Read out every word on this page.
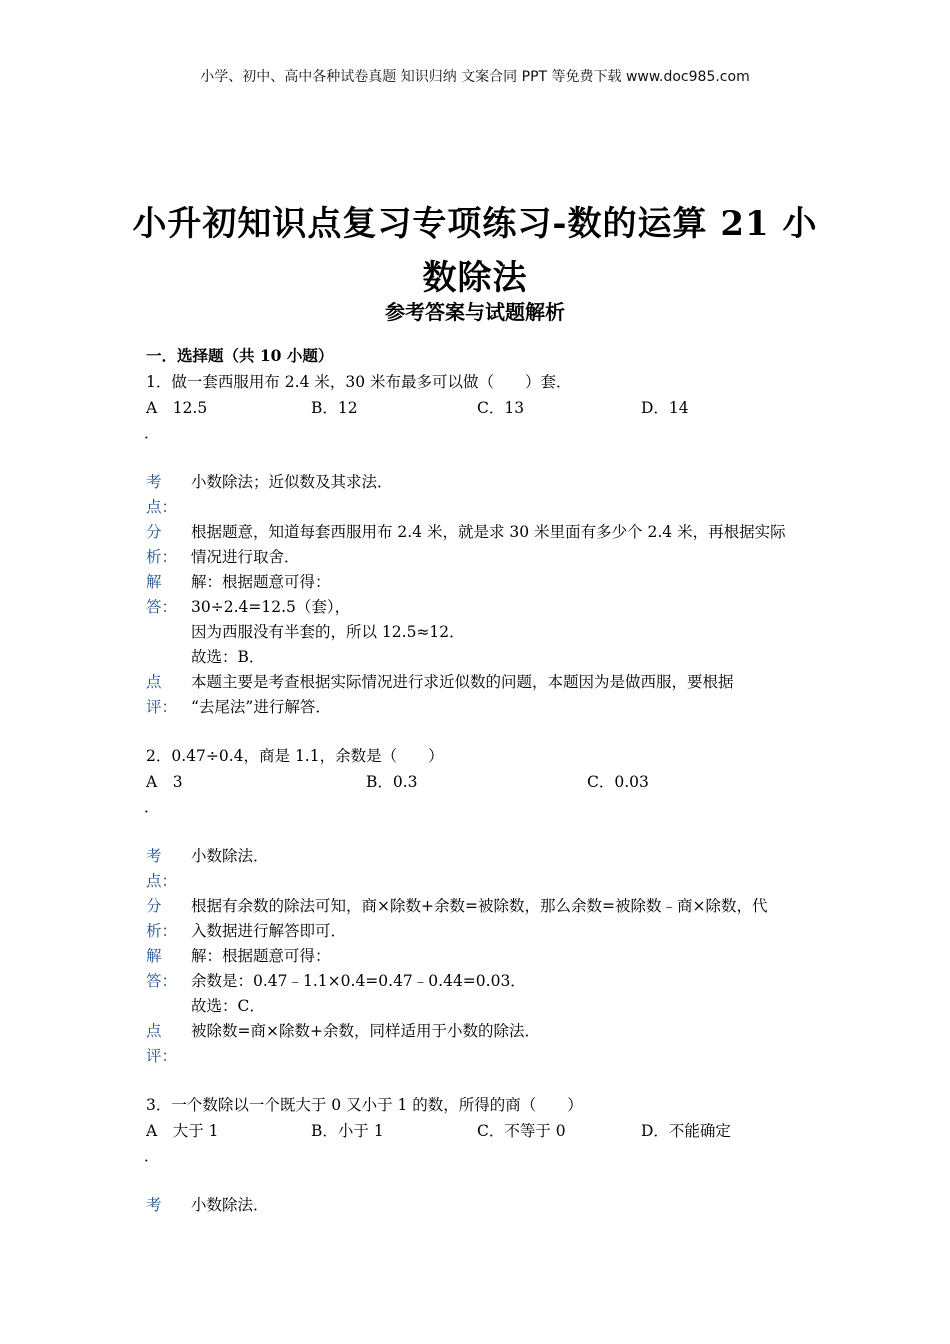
小学、初中、高中各种试卷真题 知识归纳 文案合同 PPT 等免费下载 www.doc985.com
小升初知识点复习专项练习-数的运算 21 小
数除法
参考答案与试题解析
一．选择题（共 10 小题）
1．做一套西服用布 2.4 米，30 米布最多可以做（　　）套．
A　12.5	B．12	C．13	D．14
．
考
点：
小数除法；近似数及其求法．
分
析：
根据题意，知道每套西服用布 2.4 米，就是求 30 米里面有多少个 2.4 米，再根据实际
情况进行取舍．
解
答：
解：根据题意可得：
30÷2.4=12.5（套），
因为西服没有半套的，所以 12.5≈12．
故选：B．
点
评：
本题主要是考查根据实际情况进行求近似数的问题，本题因为是做西服，要根据
“去尾法”进行解答．
2．0.47÷0.4，商是 1.1，余数是（　　）
A　3	B．0.3	C．0.03
．
考
点：
小数除法．
分
析：
根据有余数的除法可知，商×除数+余数=被除数，那么余数=被除数﹣商×除数，代
入数据进行解答即可．
解
答：
解：根据题意可得：
余数是：0.47﹣1.1×0.4=0.47﹣0.44=0.03．
故选：C．
点
评：
被除数=商×除数+余数，同样适用于小数的除法．
3．一个数除以一个既大于 0 又小于 1 的数，所得的商（　　）
A　大于 1	B．小于 1	C．不等于 0	D．不能确定
．
考 小数除法．
